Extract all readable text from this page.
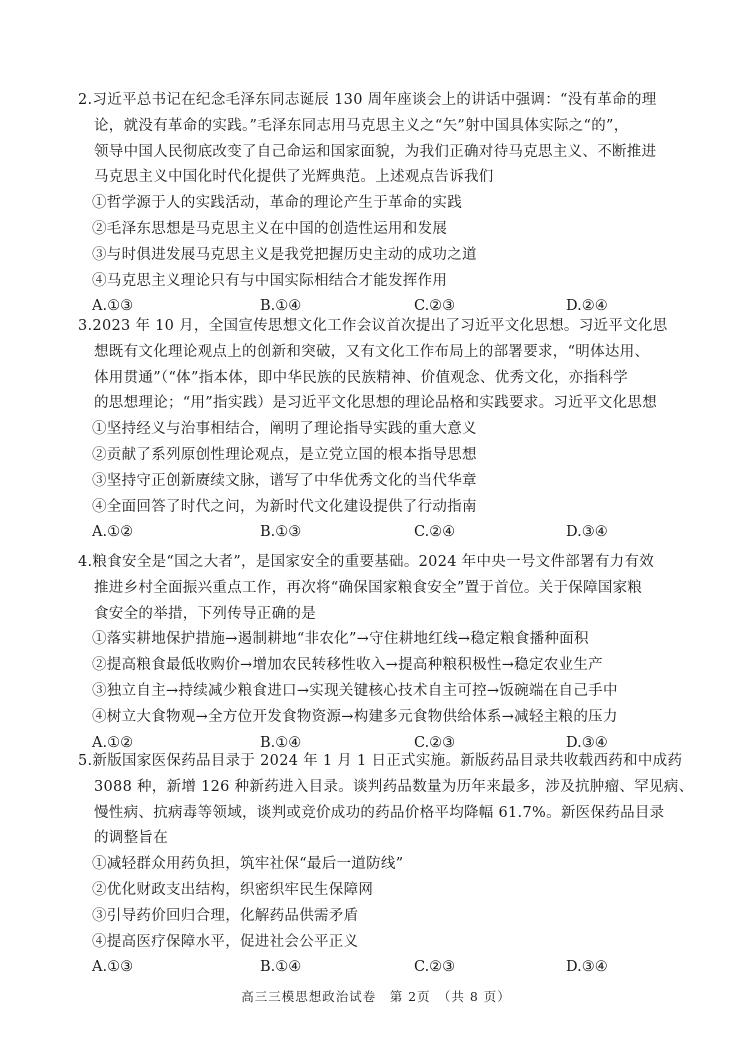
2.习近平总书记在纪念毛泽东同志诞辰 130 周年座谈会上的讲话中强调：“没有革命的理
论，就没有革命的实践。”毛泽东同志用马克思主义之“矢”射中国具体实际之“的”，
领导中国人民彻底改变了自己命运和国家面貌，为我们正确对待马克思主义、不断推进
马克思主义中国化时代化提供了光辉典范。上述观点告诉我们
①哲学源于人的实践活动，革命的理论产生于革命的实践
②毛泽东思想是马克思主义在中国的创造性运用和发展
③与时俱进发展马克思主义是我党把握历史主动的成功之道
④马克思主义理论只有与中国实际相结合才能发挥作用
A.①③	B.①④	C.②③	D.②④
3.2023 年 10 月，全国宣传思想文化工作会议首次提出了习近平文化思想。习近平文化思
想既有文化理论观点上的创新和突破，又有文化工作布局上的部署要求，“明体达用、
体用贯通”（“体”指本体，即中华民族的民族精神、价值观念、优秀文化，亦指科学
的思想理论；“用”指实践）是习近平文化思想的理论品格和实践要求。习近平文化思想
①坚持经义与治事相结合，阐明了理论指导实践的重大意义
②贡献了系列原创性理论观点，是立党立国的根本指导思想
③坚持守正创新赓续文脉，谱写了中华优秀文化的当代华章
④全面回答了时代之问，为新时代文化建设提供了行动指南
A.①②	B.①③	C.②④	D.③④
4.粮食安全是“国之大者”，是国家安全的重要基础。2024 年中央一号文件部署有力有效
推进乡村全面振兴重点工作，再次将“确保国家粮食安全”置于首位。关于保障国家粮
食安全的举措，下列传导正确的是
①落实耕地保护措施→遏制耕地“非农化”→守住耕地红线→稳定粮食播种面积
②提高粮食最低收购价→增加农民转移性收入→提高种粮积极性→稳定农业生产
③独立自主→持续减少粮食进口→实现关键核心技术自主可控→饭碗端在自己手中
④树立大食物观→全方位开发食物资源→构建多元食物供给体系→减轻主粮的压力
A.①②	B.①④	C.②③	D.③④
5.新版国家医保药品目录于 2024 年 1 月 1 日正式实施。新版药品目录共收载西药和中成药
3088 种，新增 126 种新药进入目录。谈判药品数量为历年来最多，涉及抗肿瘤、罕见病、
慢性病、抗病毒等领域，谈判或竞价成功的药品价格平均降幅 61.7%。新医保药品目录
的调整旨在
①减轻群众用药负担，筑牢社保“最后一道防线”
②优化财政支出结构，织密织牢民生保障网
③引导药价回归合理，化解药品供需矛盾
④提高医疗保障水平，促进社会公平正义
A.①③	B.①④	C.②③	D.③④
高三三模思想政治试卷　第 2页　（共 8 页）
